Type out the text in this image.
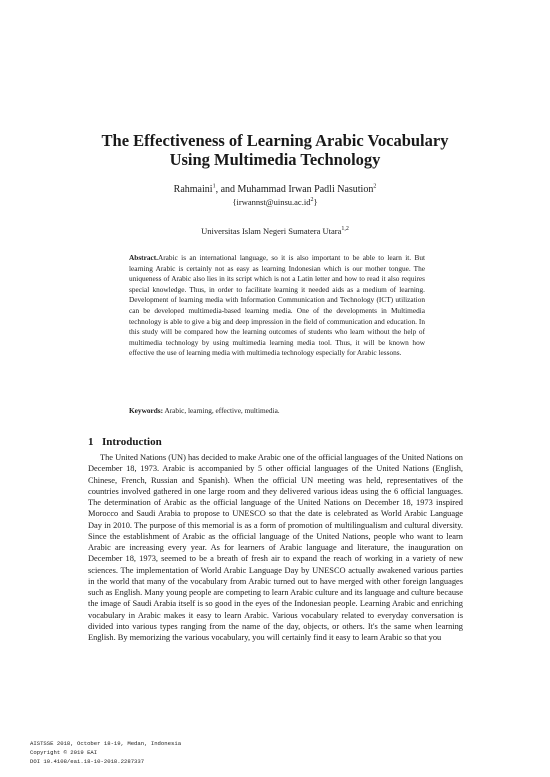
The Effectiveness of Learning Arabic Vocabulary
Using Multimedia Technology
Rahmaini$^1$, and Muhammad Irwan Padli Nasution$^2$
$\{irwannst@uinsu.ac.id^2\}$
Universitas Islam Negeri Sumatera Utara$^{1,2}$

Abstract.Arabic is an international language, so it is also important to be able to learn it. But learning Arabic is certainly not as easy as learning Indonesian which is our mother tongue. The uniqueness of Arabic also lies in its script which is not a Latin letter and how to read it also requires special knowledge. Thus, in order to facilitate learning it needed aids as a medium of learning. Development of learning media with Information Communication and Technology (ICT) utilization can be developed multimedia-based learning media. One of the developments in Multimedia technology is able to give a big and deep impression in the field of communication and education. In this study will be compared how the learning outcomes of students who learn without the help of multimedia technology by using multimedia learning media tool. Thus, it will be known how effective the use of learning media with multimedia technology especially for Arabic lessons.

Keywords: Arabic, learning, effective, multimedia.

1 Introduction

The United Nations (UN) has decided to make Arabic one of the official languages of the United Nations on December 18, 1973. Arabic is accompanied by 5 other official languages of the United Nations (English, Chinese, French, Russian and Spanish). When the official UN meeting was held, representatives of the countries involved gathered in one large room and they delivered various ideas using the 6 official languages. The determination of Arabic as the official language of the United Nations on December 18, 1973 inspired Morocco and Saudi Arabia to propose to UNESCO so that the date is celebrated as World Arabic Language Day in 2010. The purpose of this memorial is as a form of promotion of multilingualism and cultural diversity. Since the establishment of Arabic as the official language of the United Nations, people who want to learn Arabic are increasing every year. As for learners of Arabic language and literature, the inauguration on December 18, 1973, seemed to be a breath of fresh air to expand the reach of working in a variety of new sciences. The implementation of World Arabic Language Day by UNESCO actually awakened various parties in the world that many of the vocabulary from Arabic turned out to have merged with other foreign languages such as English. Many young people are competing to learn Arabic culture and its language and culture because the image of Saudi Arabia itself is so good in the eyes of the Indonesian people. Learning Arabic and enriching vocabulary in Arabic makes it easy to learn Arabic. Various vocabulary related to everyday conversation is divided into various types ranging from the name of the day, objects, or others. It's the same when learning English. By memorizing the various vocabulary, you will certainly find it easy to learn Arabic so that you

AISTSSE 2018, October 18-19, Medan, Indonesia
Copyright © 2019 EAI
DOI 10.4108/eai.18-10-2018.2287337
